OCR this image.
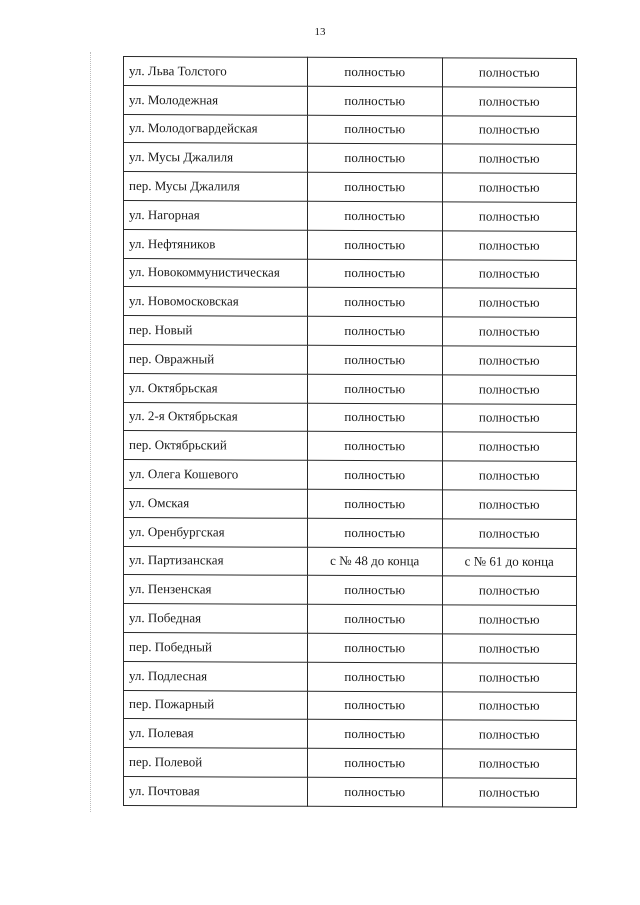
13
ул. Льва Толстого	полностью	полностью
ул. Молодежная	полностью	полностью
ул. Молодогвардейская	полностью	полностью
ул. Мусы Джалиля	полностью	полностью
пер. Мусы Джалиля	полностью	полностью
ул. Нагорная	полностью	полностью
ул. Нефтяников	полностью	полностью
ул. Новокоммунистическая	полностью	полностью
ул. Новомосковская	полностью	полностью
пер. Новый	полностью	полностью
пер. Овражный	полностью	полностью
ул. Октябрьская	полностью	полностью
ул. 2-я Октябрьская	полностью	полностью
пер. Октябрьский	полностью	полностью
ул. Олега Кошевого	полностью	полностью
ул. Омская	полностью	полностью
ул. Оренбургская	полностью	полностью
ул. Партизанская	с № 48 до конца	с № 61 до конца
ул. Пензенская	полностью	полностью
ул. Победная	полностью	полностью
пер. Победный	полностью	полностью
ул. Подлесная	полностью	полностью
пер. Пожарный	полностью	полностью
ул. Полевая	полностью	полностью
пер. Полевой	полностью	полностью
ул. Почтовая	полностью	полностью
